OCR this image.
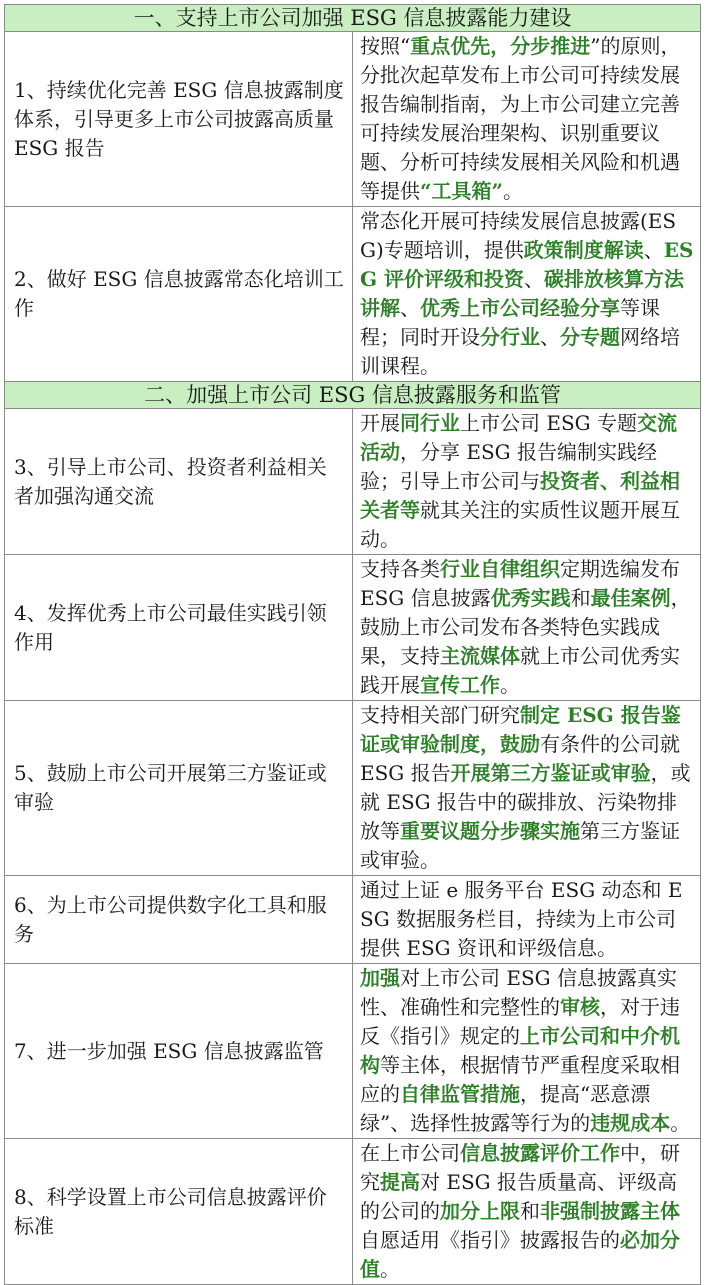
一、支持上市公司加强 ESG 信息披露能力建设	
1、持续优化完善 ESG 信息披露制度体系，引导更多上市公司披露高质量 ESG 报告	按照“重点优先，分步推进”的原则，分批次起草发布上市公司可持续发展报告编制指南，为上市公司建立完善可持续发展治理架构、识别重要议题、分析可持续发展相关风险和机遇等提供“工具箱”。
2、做好 ESG 信息披露常态化培训工作	常态化开展可持续发展信息披露(ESG)专题培训，提供政策制度解读、ESG 评价评级和投资、碳排放核算方法讲解、优秀上市公司经验分享等课程；同时开设分行业、分专题网络培训课程。
二、加强上市公司 ESG 信息披露服务和监管	
3、引导上市公司、投资者利益相关者加强沟通交流	开展同行业上市公司 ESG 专题交流活动，分享 ESG 报告编制实践经验；引导上市公司与投资者、利益相关者等就其关注的实质性议题开展互动。
4、发挥优秀上市公司最佳实践引领作用	支持各类行业自律组织定期选编发布 ESG 信息披露优秀实践和最佳案例，鼓励上市公司发布各类特色实践成果，支持主流媒体就上市公司优秀实践开展宣传工作。
5、鼓励上市公司开展第三方鉴证或审验	支持相关部门研究制定 ESG 报告鉴证或审验制度，鼓励有条件的公司就 ESG 报告开展第三方鉴证或审验，或就 ESG 报告中的碳排放、污染物排放等重要议题分步骤实施第三方鉴证或审验。
6、为上市公司提供数字化工具和服务	通过上证 e 服务平台 ESG 动态和 ESG 数据服务栏目，持续为上市公司提供 ESG 资讯和评级信息。
7、进一步加强 ESG 信息披露监管	加强对上市公司 ESG 信息披露真实性、准确性和完整性的审核，对于违反《指引》规定的上市公司和中介机构等主体，根据情节严重程度采取相应的自律监管措施，提高“恶意漂绿”、选择性披露等行为的违规成本。
8、科学设置上市公司信息披露评价标准	在上市公司信息披露评价工作中，研究提高对 ESG 报告质量高、评级高的公司的加分上限和非强制披露主体自愿适用《指引》披露报告的必加分值。
